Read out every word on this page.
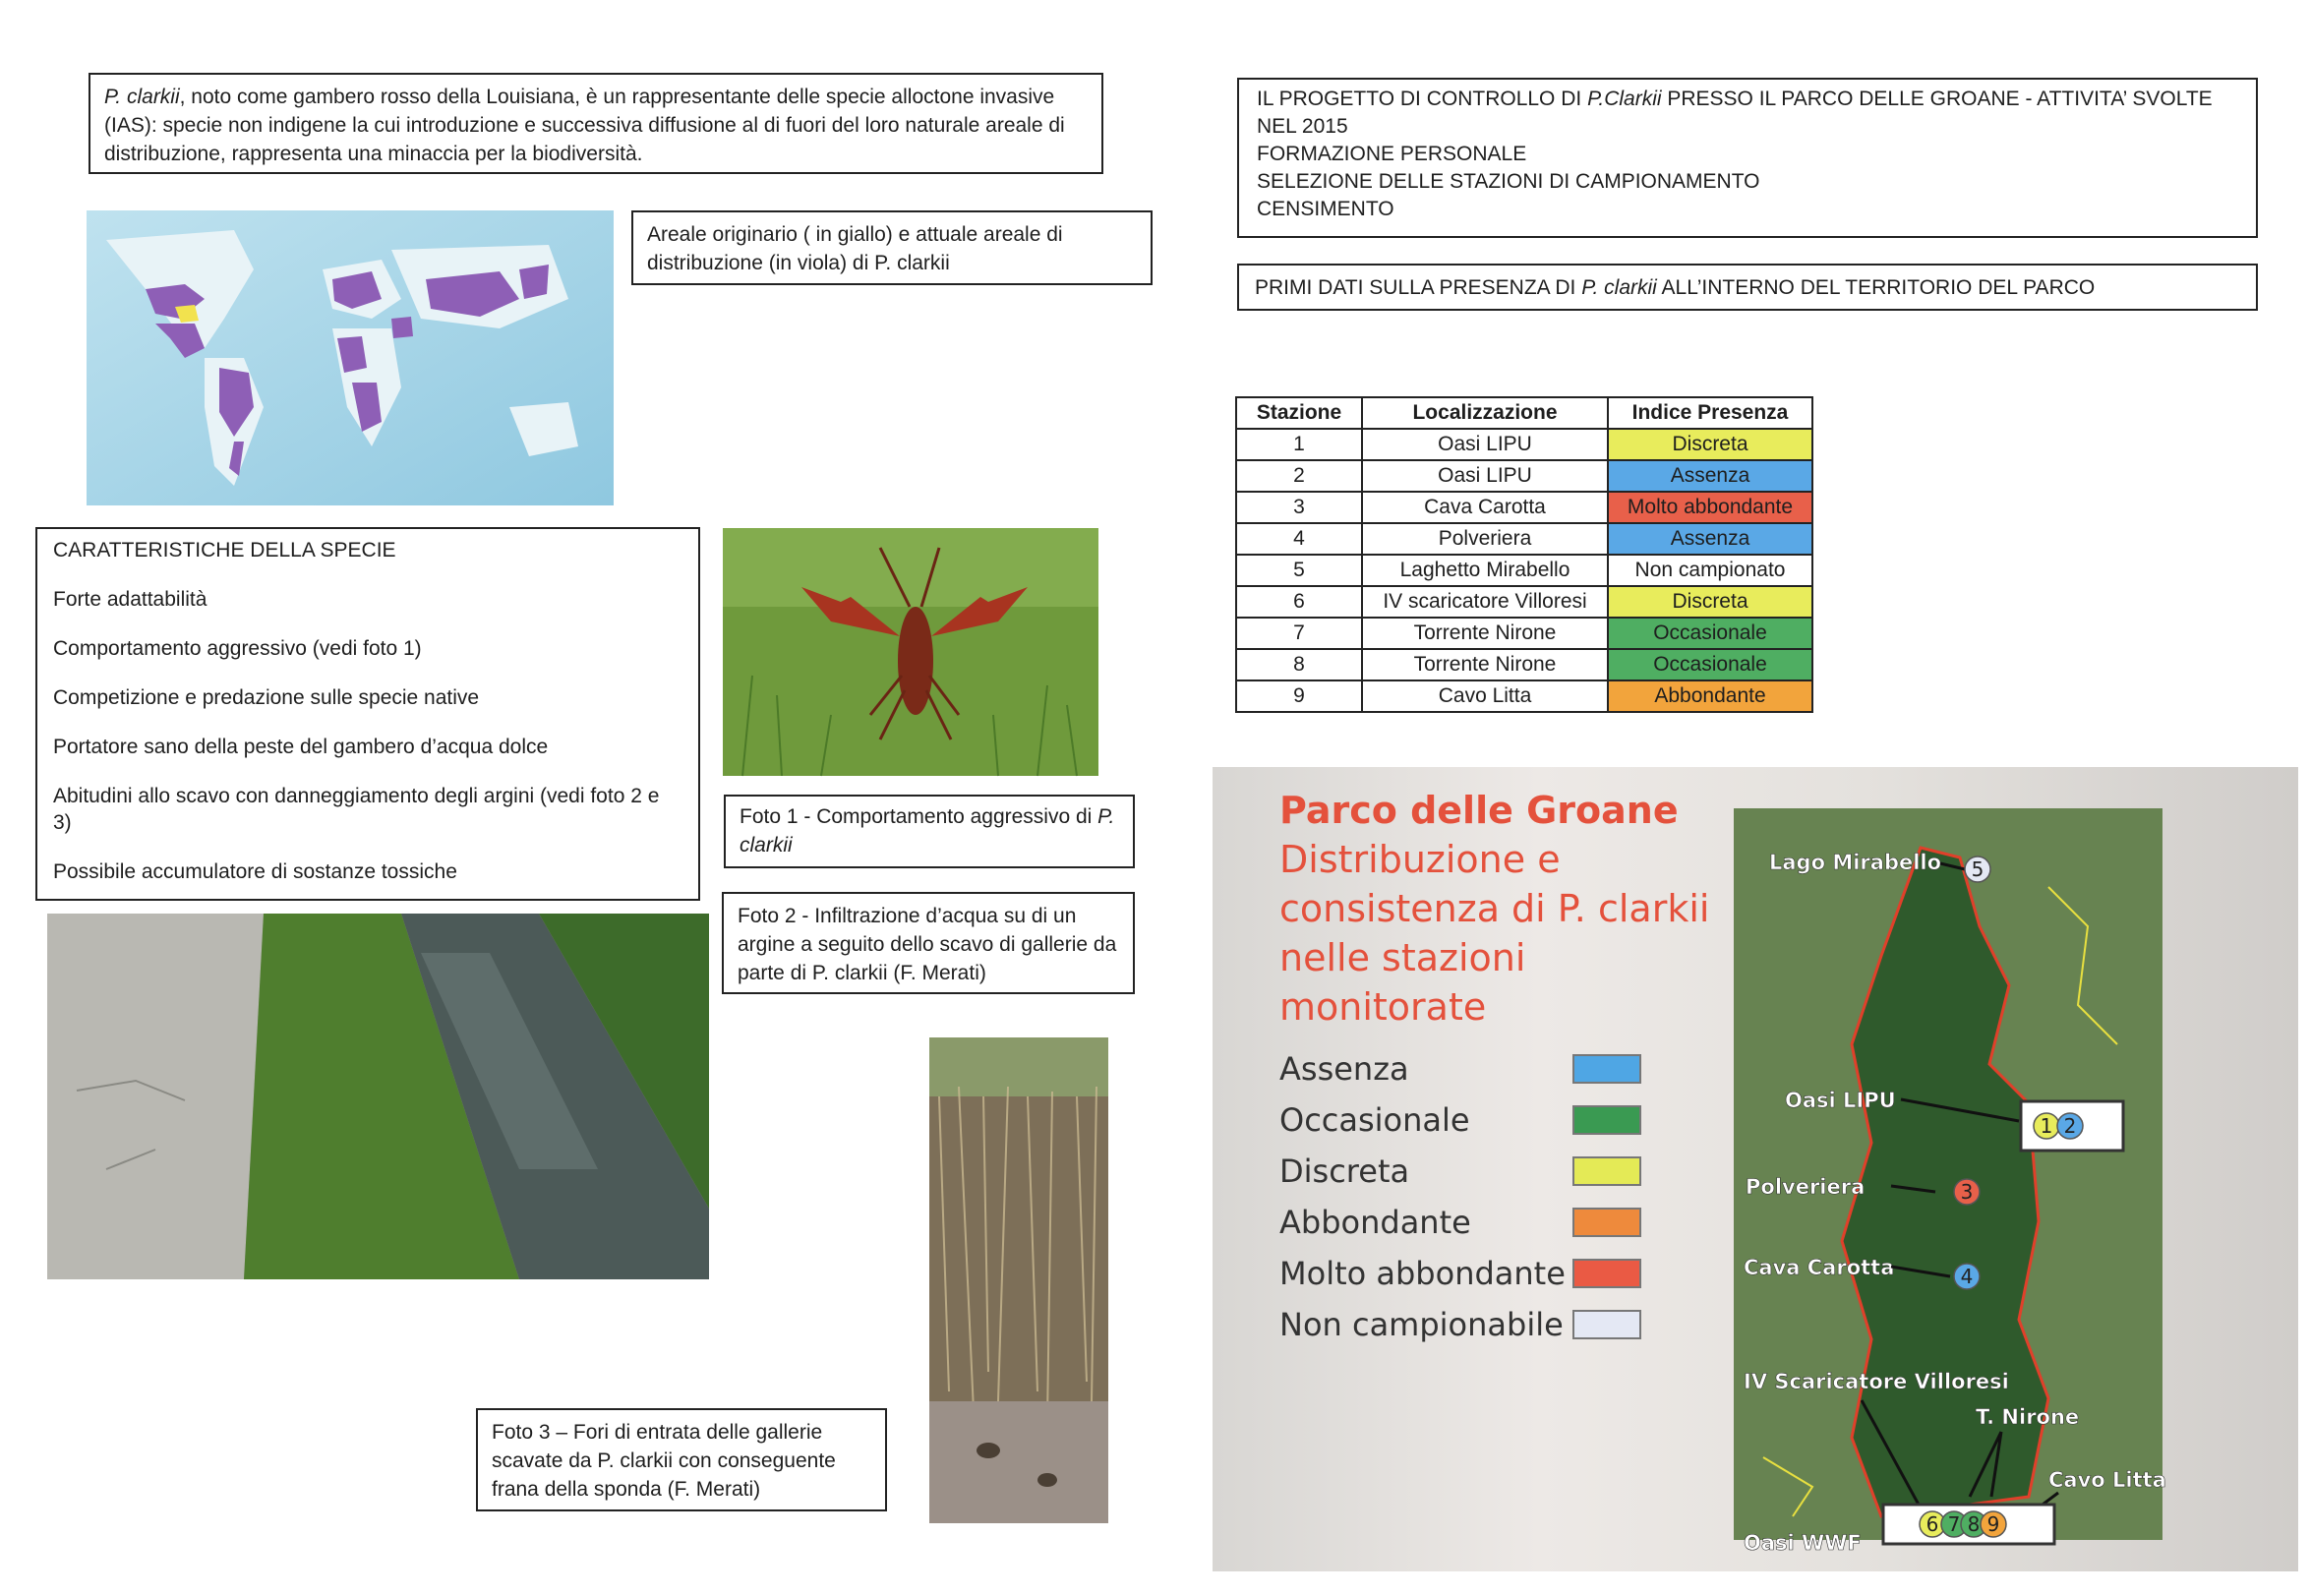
P. clarkii, noto come gambero rosso della Louisiana, è un rappresentante delle specie alloctone invasive (IAS): specie non indigene la cui introduzione e successiva diffusione al di fuori del loro naturale areale di distribuzione, rappresenta una minaccia per la biodiversità.
Areale originario ( in giallo) e attuale areale di distribuzione (in viola) di P. clarkii
CARATTERISTICHE DELLA SPECIE
Forte adattabilità
Comportamento aggressivo (vedi foto 1)
Competizione e predazione sulle specie native
Portatore sano della peste del gambero d’acqua dolce
Abitudini allo scavo con danneggiamento degli argini (vedi foto 2 e 3)
Possibile accumulatore di sostanze tossiche
Foto 1 - Comportamento aggressivo di P. clarkii
Foto 2 - Infiltrazione d’acqua su di un argine a seguito dello scavo di gallerie da parte di P. clarkii (F. Merati)
Foto 3 – Fori di entrata delle gallerie scavate da P. clarkii con conseguente frana della sponda (F. Merati)
IL PROGETTO DI CONTROLLO DI P.Clarkii PRESSO IL PARCO DELLE GROANE - ATTIVITA’ SVOLTE NEL 2015
FORMAZIONE PERSONALE
SELEZIONE DELLE STAZIONI DI CAMPIONAMENTO
CENSIMENTO
PRIMI DATI SULLA PRESENZA DI P. clarkii ALL’INTERNO DEL TERRITORIO DEL PARCO
Stazione	Localizzazione	Indice Presenza
1	Oasi LIPU	Discreta
2	Oasi LIPU	Assenza
3	Cava Carotta	Molto abbondante
4	Polveriera	Assenza
5	Laghetto Mirabello	Non campionato
6	IV scaricatore Villoresi	Discreta
7	Torrente Nirone	Occasionale
8	Torrente Nirone	Occasionale
9	Cavo Litta	Abbondante
Parco delle Groane
Distribuzione e
consistenza di P. clarkii
nelle stazioni
monitorate
Assenza
Occasionale
Discreta
Abbondante
Molto abbondante
Non campionabile
Lago Mirabello
Oasi LIPU
Polveriera
Cava Carotta
IV Scaricatore Villoresi
T. Nirone
Cavo Litta
Oasi WWF
1 2
3
4
5
6 7 8 9
